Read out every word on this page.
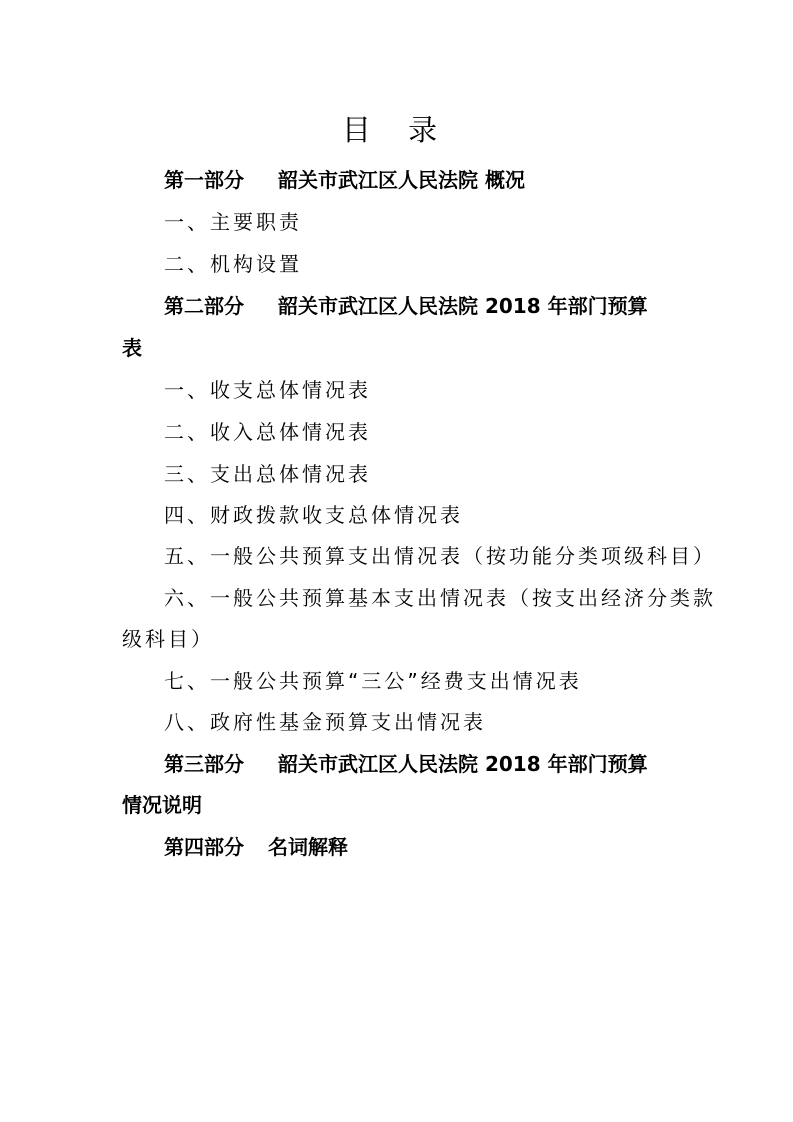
目 录
第一部分 韶关市武江区人民法院 概况
一、主要职责
二、机构设置
第二部分 韶关市武江区人民法院 2018 年部门预算
表
一、收支总体情况表
二、收入总体情况表
三、支出总体情况表
四、财政拨款收支总体情况表
五、一般公共预算支出情况表（按功能分类项级科目）
六、一般公共预算基本支出情况表（按支出经济分类款
级科目）
七、一般公共预算“三公”经费支出情况表
八、政府性基金预算支出情况表
第三部分 韶关市武江区人民法院 2018 年部门预算
情况说明
第四部分 名词解释
